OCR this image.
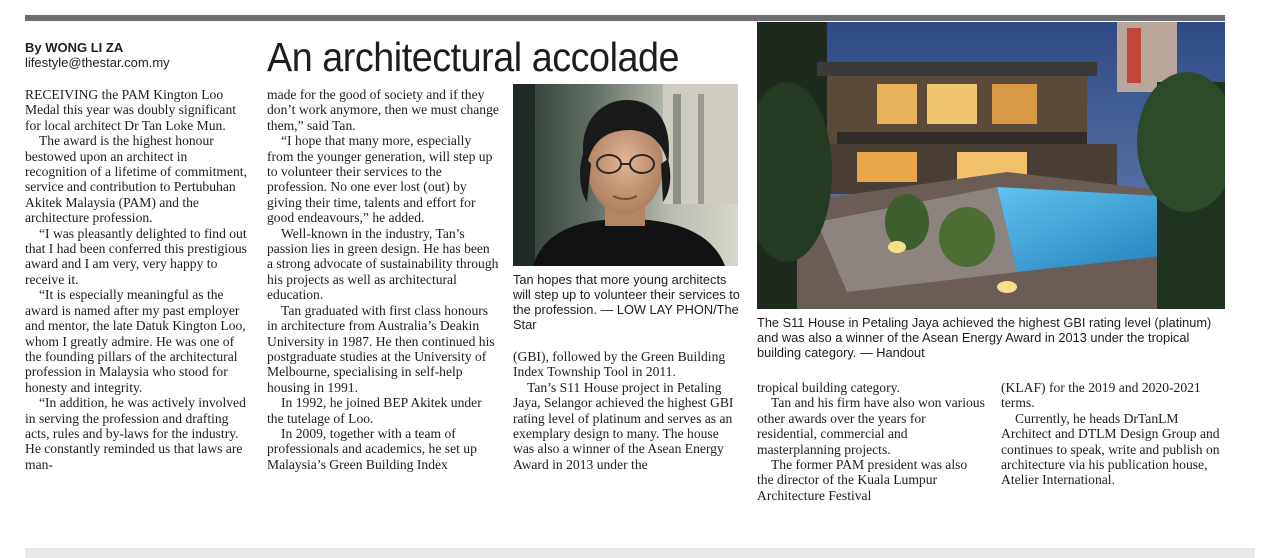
By WONG LI ZA
lifestyle@thestar.com.my An architectural accolade

RECEIVING the PAM Kington Loo Medal this year was doubly significant for local architect Dr Tan Loke Mun.

The award is the highest honour bestowed upon an architect in recognition of a lifetime of commitment, service and contribution to Pertubuhan Akitek Malaysia (PAM) and the architecture profession.

“I was pleasantly delighted to find out that I had been conferred this prestigious award and I am very, very happy to receive it.

“It is especially meaningful as the award is named after my past employer and mentor, the late Datuk Kington Loo, whom I greatly admire. He was one of the founding pillars of the architectural profession in Malaysia who stood for honesty and integrity.

“In addition, he was actively involved in serving the profession and drafting acts, rules and by-laws for the industry. He constantly reminded us that laws are man-

made for the good of society and if they don’t work anymore, then we must change them,” said Tan.

“I hope that many more, especially from the younger generation, will step up to volunteer their services to the profession. No one ever lost (out) by giving their time, talents and effort for good endeavours,” he added.

Well-known in the industry, Tan’s passion lies in green design. He has been a strong advocate of sustainability through his projects as well as architectural education.

Tan graduated with first class honours in architecture from Australia’s Deakin University in 1987. He then continued his postgraduate studies at the University of Melbourne, specialising in self-help housing in 1991.

In 1992, he joined BEP Akitek under the tutelage of Loo.

In 2009, together with a team of professionals and academics, he set up Malaysia’s Green Building Index

Tan hopes that more young architects will step up to volunteer their services to the profession. — LOW LAY PHON/The Star

(GBI), followed by the Green Building Index Township Tool in 2011.

Tan’s S11 House project in Petaling Jaya, Selangor achieved the highest GBI rating level of platinum and serves as an exemplary design to many. The house was also a winner of the Asean Energy Award in 2013 under the

The S11 House in Petaling Jaya achieved the highest GBI rating level (platinum) and was also a winner of the Asean Energy Award in 2013 under the tropical building category. — Handout

tropical building category.

Tan and his firm have also won various other awards over the years for residential, commercial and masterplanning projects.

The former PAM president was also the director of the Kuala Lumpur Architecture Festival

(KLAF) for the 2019 and 2020-2021 terms.

Currently, he heads DrTanLM Architect and DTLM Design Group and continues to speak, write and publish on architecture via his publication house, Atelier International.
